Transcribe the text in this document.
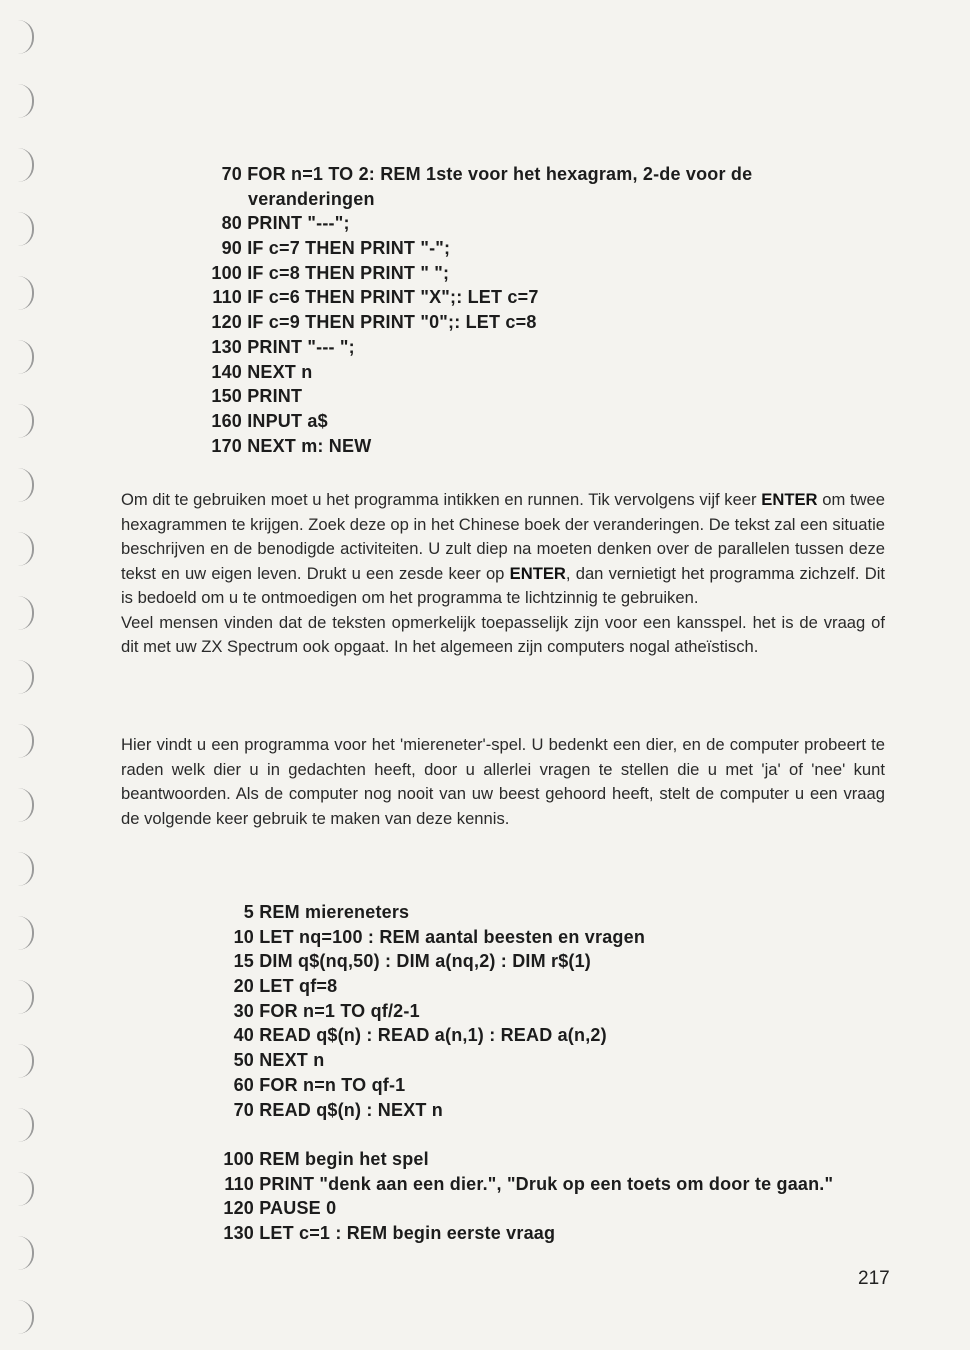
70 FOR n=1 TO 2: REM 1ste voor het hexagram, 2-de voor de
veranderingen
80 PRINT "---";
90 IF c=7 THEN PRINT "-";
100 IF c=8 THEN PRINT " ";
110 IF c=6 THEN PRINT "X";: LET c=7
120 IF c=9 THEN PRINT "0";: LET c=8
130 PRINT "--- ";
140 NEXT n
150 PRINT
160 INPUT a$
170 NEXT m: NEW

Om dit te gebruiken moet u het programma intikken en runnen. Tik vervolgens vijf keer ENTER om twee hexagrammen te krijgen. Zoek deze op in het Chinese boek der veranderingen. De tekst zal een situatie beschrijven en de benodigde activiteiten. U zult diep na moeten denken over de parallelen tussen deze tekst en uw eigen leven. Drukt u een zesde keer op ENTER, dan vernietigt het programma zichzelf. Dit is bedoeld om u te ontmoedigen om het programma te lichtzinnig te gebruiken.
Veel mensen vinden dat de teksten opmerkelijk toepasselijk zijn voor een kansspel. het is de vraag of dit met uw ZX Spectrum ook opgaat. In het algemeen zijn computers nogal atheïstisch.

Hier vindt u een programma voor het 'miereneter'-spel. U bedenkt een dier, en de computer probeert te raden welk dier u in gedachten heeft, door u allerlei vragen te stellen die u met 'ja' of 'nee' kunt beantwoorden. Als de computer nog nooit van uw beest gehoord heeft, stelt de computer u een vraag de volgende keer gebruik te maken van deze kennis.

5 REM miereneters
10 LET nq=100 : REM aantal beesten en vragen
15 DIM q$(nq,50) : DIM a(nq,2) : DIM r$(1)
20 LET qf=8
30 FOR n=1 TO qf/2-1
40 READ q$(n) : READ a(n,1) : READ a(n,2)
50 NEXT n
60 FOR n=n TO qf-1
70 READ q$(n) : NEXT n
100 REM begin het spel
110 PRINT "denk aan een dier.", "Druk op een toets om door te gaan."
120 PAUSE 0
130 LET c=1 : REM begin eerste vraag
217
